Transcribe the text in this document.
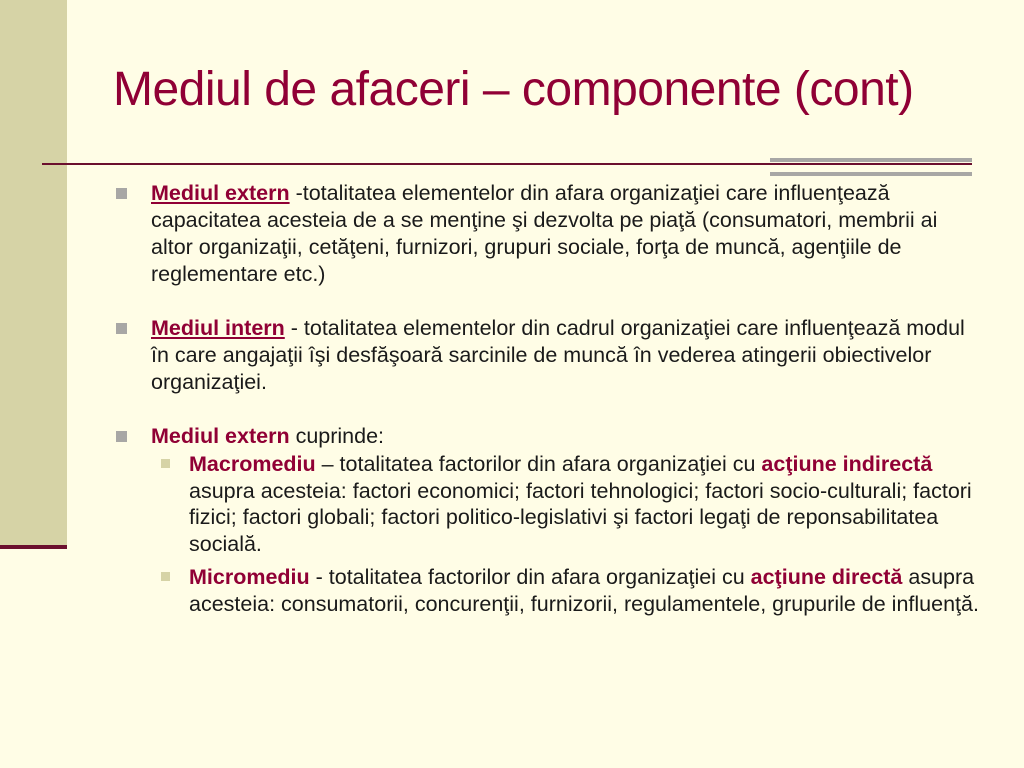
Mediul de afaceri – componente (cont)
Mediul extern -totalitatea elementelor din afara organizaţiei care influenţează capacitatea acesteia de a se menţine şi dezvolta pe piaţă (consumatori, membrii ai altor organizaţii, cetăţeni, furnizori, grupuri sociale, forţa de muncă, agenţiile de reglementare etc.)
Mediul intern - totalitatea elementelor din cadrul organizaţiei care influenţează modul în care angajaţii îşi desfăşoară sarcinile de muncă în vederea atingerii obiectivelor organizaţiei.
Mediul extern cuprinde:
Macromediu – totalitatea factorilor din afara organizaţiei cu acţiune indirectă asupra acesteia: factori economici; factori tehnologici; factori socio-culturali; factori fizici; factori globali; factori politico-legislativi şi factori legaţi de reponsabilitatea socială.
Micromediu - totalitatea factorilor din afara organizaţiei cu acţiune directă asupra acesteia: consumatorii, concurenţii, furnizorii, regulamentele, grupurile de influenţă.
